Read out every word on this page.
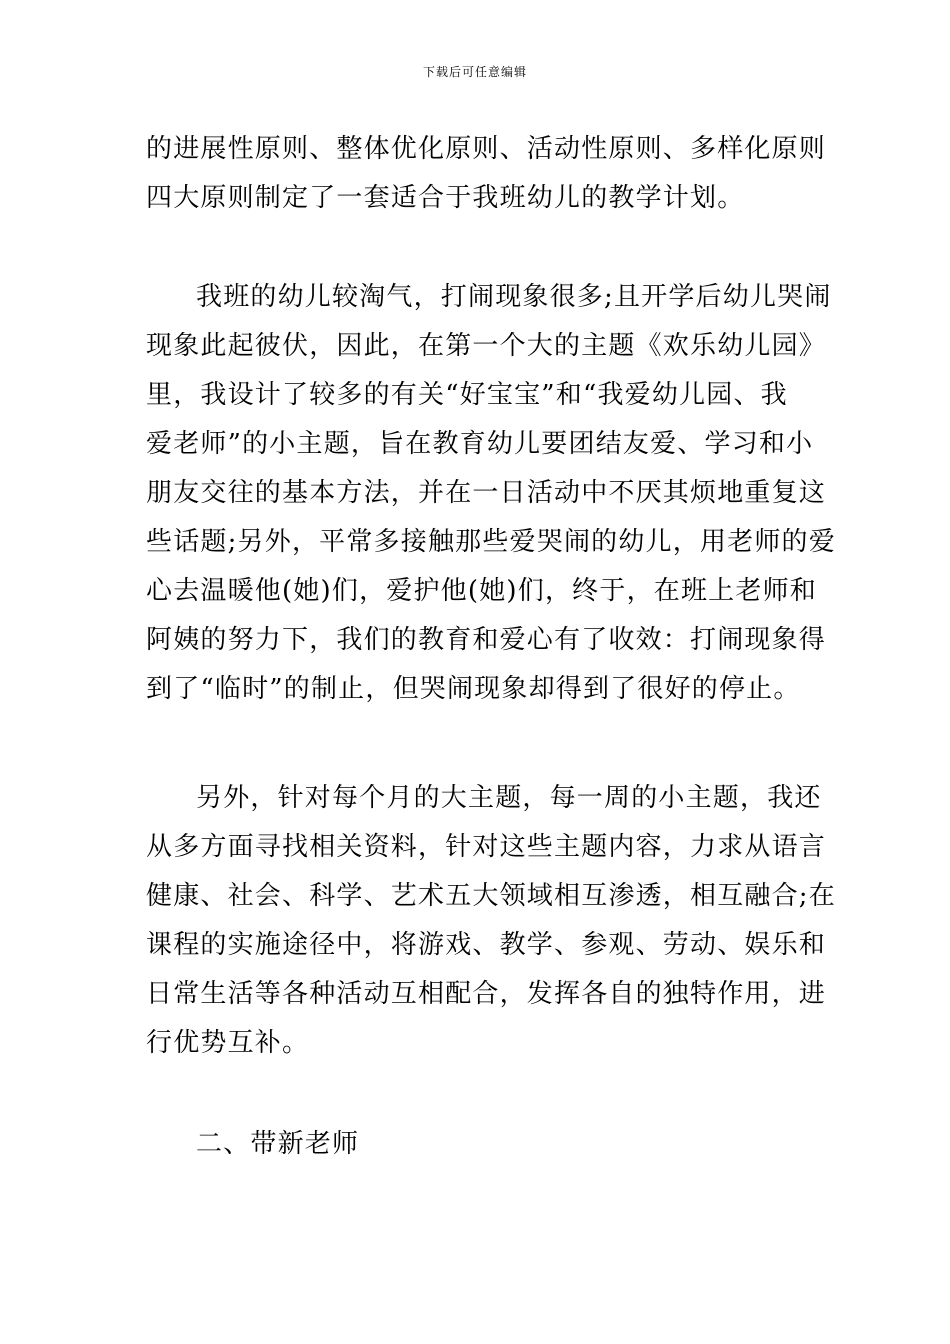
下载后可任意编辑

的进展性原则、整体优化原则、活动性原则、多样化原则
四大原则制定了一套适合于我班幼儿的教学计划。

我班的幼儿较淘气，打闹现象很多;且开学后幼儿哭闹
现象此起彼伏，因此，在第一个大的主题《欢乐幼儿园》
里，我设计了较多的有关“好宝宝”和“我爱幼儿园、我
爱老师”的小主题，旨在教育幼儿要团结友爱、学习和小
朋友交往的基本方法，并在一日活动中不厌其烦地重复这
些话题;另外，平常多接触那些爱哭闹的幼儿，用老师的爱
心去温暖他(她)们，爱护他(她)们，终于，在班上老师和
阿姨的努力下，我们的教育和爱心有了收效：打闹现象得
到了“临时”的制止，但哭闹现象却得到了很好的停止。

另外，针对每个月的大主题，每一周的小主题，我还
从多方面寻找相关资料，针对这些主题内容，力求从语言
健康、社会、科学、艺术五大领域相互渗透，相互融合;在
课程的实施途径中，将游戏、教学、参观、劳动、娱乐和
日常生活等各种活动互相配合，发挥各自的独特作用，进
行优势互补。

二、带新老师
